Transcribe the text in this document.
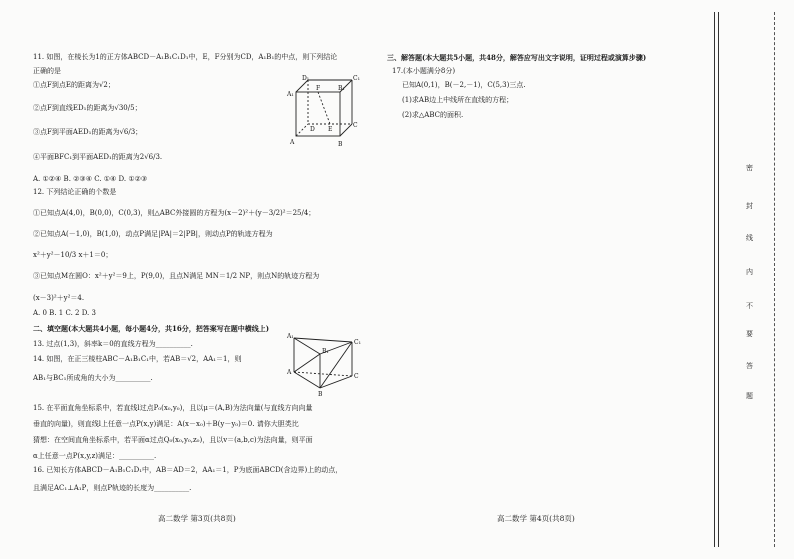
11. 如图，在棱长为1的正方体ABCD－A₁B₁C₁D₁中，E，F分别为CD，A₁B₁的中点，则下列结论
正确的是
①点F到点E的距离为√2；
②点F到直线ED₁的距离为√30/5；
③点F到平面AED₁的距离为√6/3；
④平面BFC₁到平面AED₁的距离为2√6/3.
A. ①②④ B. ②③④ C. ①④ D. ①②③
12. 下列结论正确的个数是
①已知点A(4,0)，B(0,0)，C(0,3)，则△ABC外接圆的方程为(x－2)²＋(y－3/2)²＝25/4；
②已知点A(－1,0)，B(1,0)，动点P满足|PA|＝2|PB|，则动点P的轨迹方程为
x²＋y²－10/3 x＋1＝0；
③已知点M在圆O：x²＋y²＝9上，P(9,0)，且点N满足 MN＝1/2 NP，则点N的轨迹方程为
(x－3)²＋y²＝4.
A. 0 B. 1 C. 2 D. 3
二、填空题(本大题共4小题，每小题4分，共16分，把答案写在题中横线上)
13. 过点(1,3)，斜率k＝0的直线方程为__________.
14. 如图，在正三棱柱ABC－A₁B₁C₁中，若AB＝√2，AA₁＝1，则
AB₁与BC₁所成角的大小为__________.
15. 在平面直角坐标系中，若直线l过点P₀(x₀,y₀)，且以μ＝(A,B)为法向量(与直线方向向量
垂直的向量)，则直线l上任意一点P(x,y)满足：A(x－x₀)＋B(y－y₀)＝0. 请你大胆类比
猜想：在空间直角坐标系中，若平面α过点Q₀(x₀,y₀,z₀)，且以v＝(a,b,c)为法向量，则平面
α上任意一点P(x,y,z)满足：__________.
16. 已知长方体ABCD－A₁B₁C₁D₁中，AB＝AD＝2，AA₁＝1，P为底面ABCD(含边界)上的动点，
且满足AC₁⊥A₁P，则点P轨迹的长度为__________.
三、解答题(本大题共5小题，共48分，解答应写出文字说明，证明过程或演算步骤)
17.(本小题满分8分)
已知A(0,1)，B(－2,－1)，C(5,3)三点.
(1)求AB边上中线所在直线的方程；
(2)求△ABC的面积.
D₁	C₁
A₁
F	B₁
D E
C
A	B
A₁
C₁
B₁
A
C
B
高二数学 第3页(共8页)	高二数学 第4页(共8页)
密
封
线
内
不
要
答
题
